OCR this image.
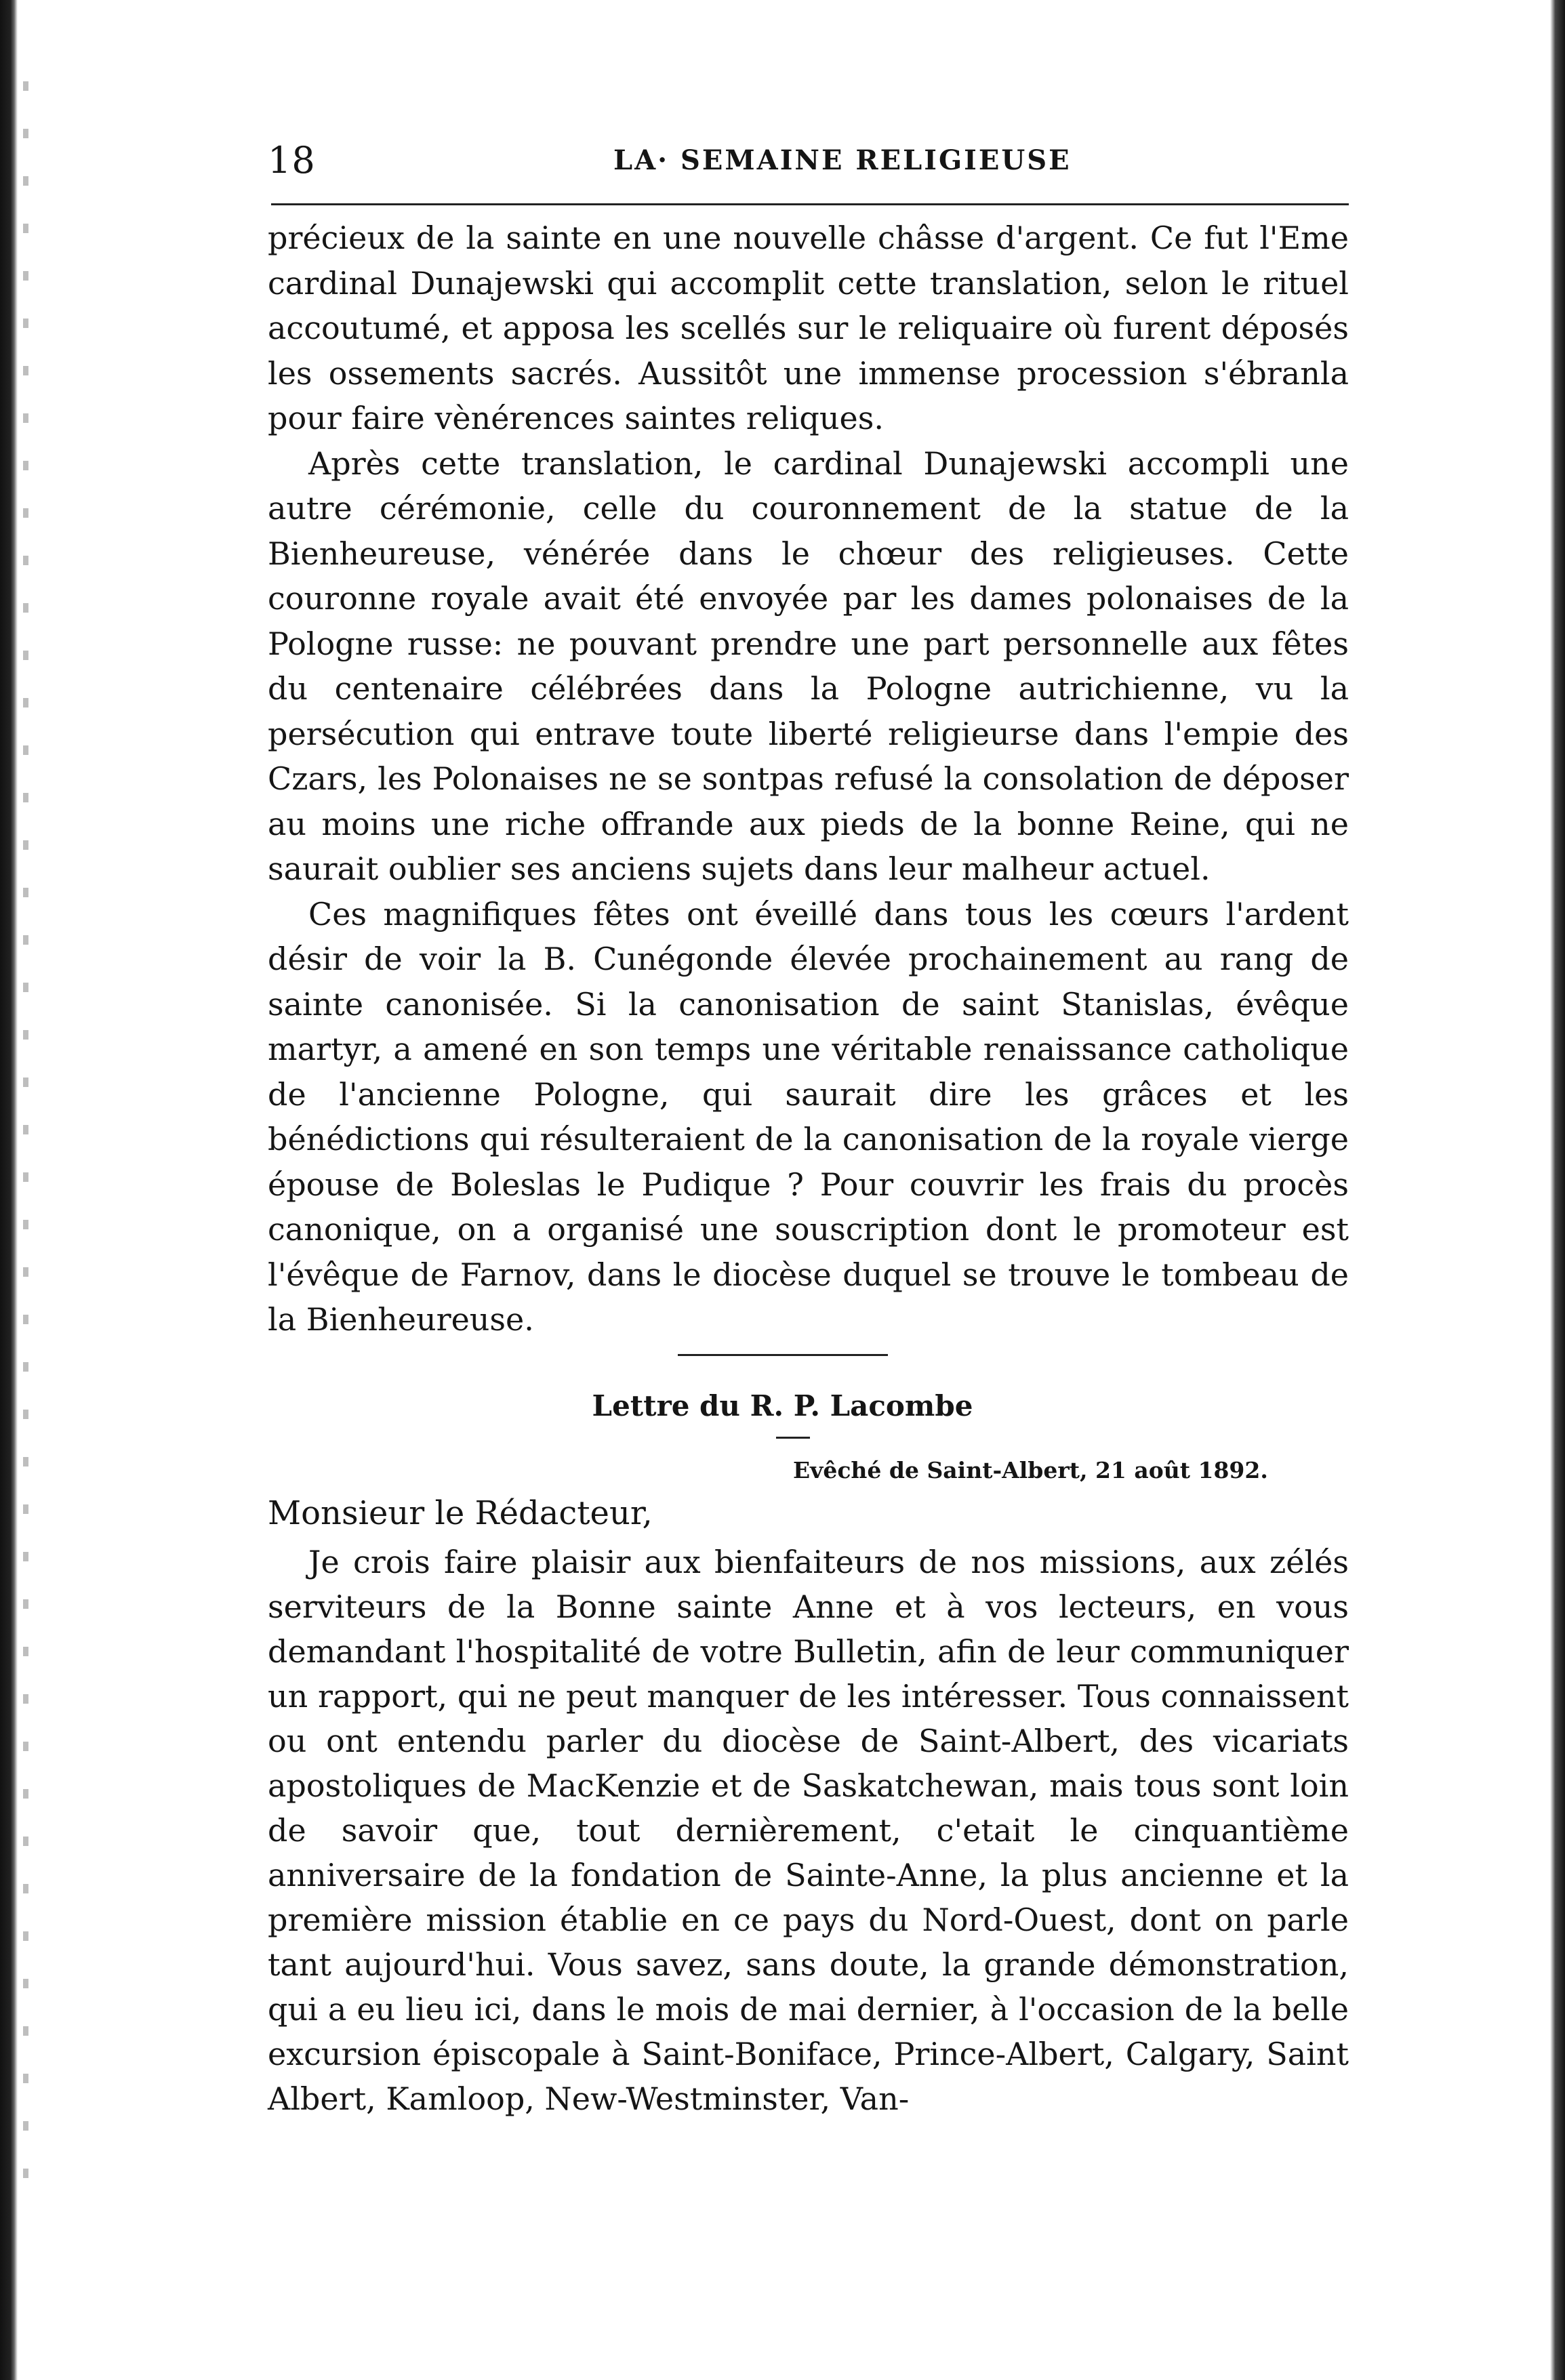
18	LA· SEMAINE RELIGIEUSE

précieux de la sainte en une nouvelle châsse d'argent. Ce fut l'Eme cardinal Dunajewski qui accomplit cette translation, selon le rituel accoutumé, et apposa les scellés sur le reliquaire où furent déposés les ossements sacrés. Aussitôt une immense procession s'ébranla pour faire vènérences saintes reliques.

Après cette translation, le cardinal Dunajewski accompli une autre cérémonie, celle du couronnement de la statue de la Bienheureuse, vénérée dans le chœur des religieuses. Cette couronne royale avait été envoyée par les dames polonaises de la Pologne russe: ne pouvant prendre une part personnelle aux fêtes du centenaire célébrées dans la Pologne autrichienne, vu la persécution qui entrave toute liberté religieurse dans l'empie des Czars, les Polonaises ne se sontpas refusé la consolation de déposer au moins une riche offrande aux pieds de la bonne Reine, qui ne saurait oublier ses anciens sujets dans leur malheur actuel.

Ces magnifiques fêtes ont éveillé dans tous les cœurs l'ardent désir de voir la B. Cunégonde élevée prochainement au rang de sainte canonisée. Si la canonisation de saint Stanislas, évêque martyr, a amené en son temps une véritable renaissance catholique de l'ancienne Pologne, qui saurait dire les grâces et les bénédictions qui résulteraient de la canonisation de la royale vierge épouse de Boleslas le Pudique ? Pour couvrir les frais du procès canonique, on a organisé une souscription dont le promoteur est l'évêque de Farnov, dans le diocèse duquel se trouve le tombeau de la Bienheureuse.

Lettre du R. P. Lacombe
Evêché de Saint-Albert, 21 août 1892.
Monsieur le Rédacteur,

Je crois faire plaisir aux bienfaiteurs de nos missions, aux zélés serviteurs de la Bonne sainte Anne et à vos lecteurs, en vous demandant l'hospitalité de votre Bulletin, afin de leur communiquer un rapport, qui ne peut manquer de les intéresser. Tous connaissent ou ont entendu parler du diocèse de Saint-Albert, des vicariats apostoliques de MacKenzie et de Saskatchewan, mais tous sont loin de savoir que, tout dernièrement, c'etait le cinquantième anniversaire de la fondation de Sainte-Anne, la plus ancienne et la première mission établie en ce pays du Nord-Ouest, dont on parle tant aujourd'hui. Vous savez, sans doute, la grande démonstration, qui a eu lieu ici, dans le mois de mai dernier, à l'occasion de la belle excursion épiscopale à Saint-Boniface, Prince-Albert, Calgary, Saint Albert, Kamloop, New-Westminster, Van-
